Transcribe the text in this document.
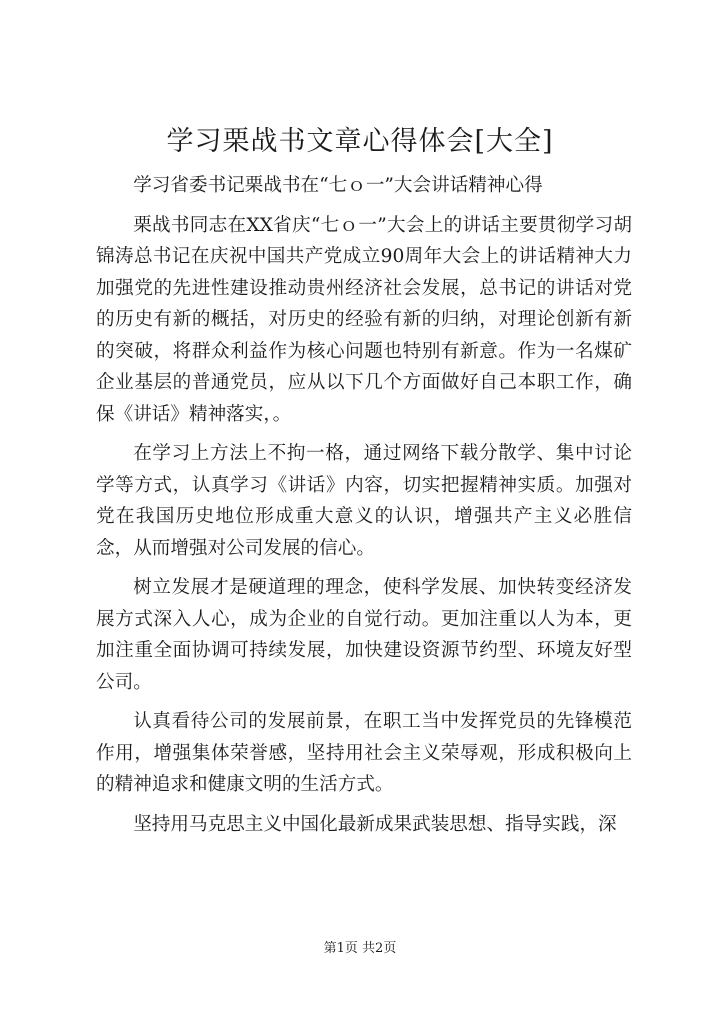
学习栗战书文章心得体会[大全]

学习省委书记栗战书在“七ｏ一”大会讲话精神心得

栗战书同志在XX省庆“七ｏ一”大会上的讲话主要贯彻学习胡锦涛总书记在庆祝中国共产党成立90周年大会上的讲话精神大力加强党的先进性建设推动贵州经济社会发展，总书记的讲话对党的历史有新的概括，对历史的经验有新的归纳，对理论创新有新的突破，将群众利益作为核心问题也特别有新意。作为一名煤矿企业基层的普通党员，应从以下几个方面做好自己本职工作，确保《讲话》精神落实，。

在学习上方法上不拘一格，通过网络下载分散学、集中讨论学等方式，认真学习《讲话》内容，切实把握精神实质。加强对党在我国历史地位形成重大意义的认识，增强共产主义必胜信念，从而增强对公司发展的信心。

树立发展才是硬道理的理念，使科学发展、加快转变经济发展方式深入人心，成为企业的自觉行动。更加注重以人为本，更加注重全面协调可持续发展，加快建设资源节约型、环境友好型公司。

认真看待公司的发展前景，在职工当中发挥党员的先锋模范作用，增强集体荣誉感，坚持用社会主义荣辱观，形成积极向上的精神追求和健康文明的生活方式。

坚持用马克思主义中国化最新成果武装思想、指导实践，深

第1页 共2页
